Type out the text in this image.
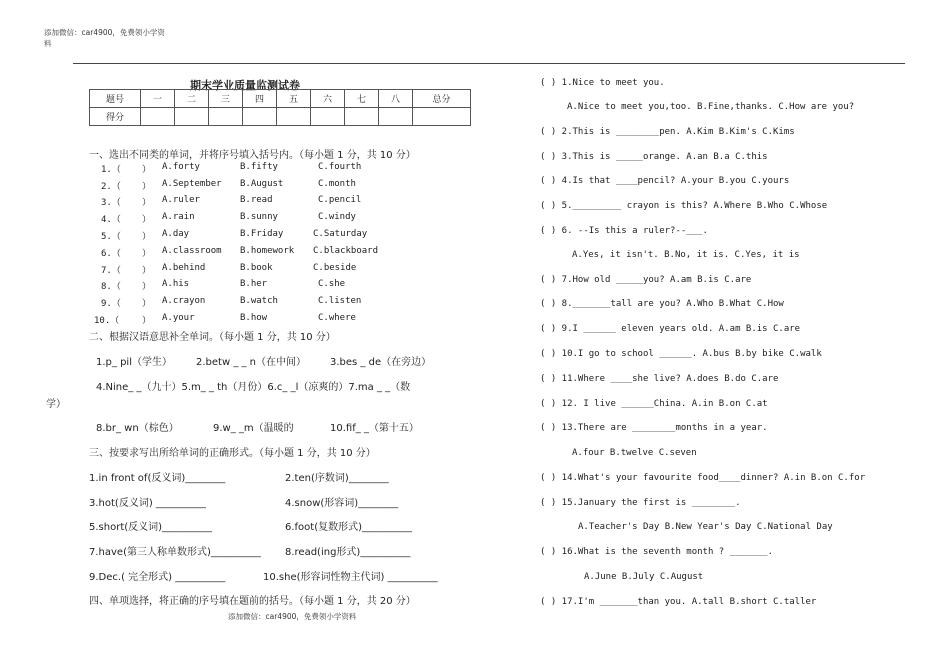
添加微信：car4900，免费领小学资
料
期末学业质量监测试卷
题号	一	二	三	四	五	六	七	八	总分
得分									
一、选出不同类的单词，并将序号填入括号内。（每小题 1 分，共 10 分）
1.（ ） A.forty	B.fifty	C.fourth
2.（ ） A.September B.August	C.month
3.（ ） A.ruler	B.read	C.pencil
4.（ ） A.rain	B.sunny	C.windy
5.（ ） A.day	B.Friday	C.Saturday
6.（ ） A.classroom B.homework C.blackboard
7.（ ） A.behind	B.book	C.beside
8.（ ） A.his	B.her	C.she
9.（ ） A.crayon	B.watch	C.listen
10.（	） A.your	B.how	C.where
二、根据汉语意思补全单词。（每小题 1 分，共 10 分）
1.p_ pil（学生） 2.betw _ _ n（在中间） 3.bes _ de（在旁边）
4.Nine_ _（九十）5.m_ _ th（月份）6.c_ _l（凉爽的）7.ma _ _（数
学）
8.br_ wn（棕色）	9.w_ _m（温暖的	10.fif_ _（第十五）
三、按要求写出所给单词的正确形式。（每小题 1 分，共 10 分）
1.in front of(反义词)________	2.ten(序数词)________
3.hot(反义词) __________	4.snow(形容词)________
5.short(反义词)__________	6.foot(复数形式)__________
7.have(第三人称单数形式)__________ 8.read(ing形式)__________
9.Dec.( 完全形式) __________	10.she(形容词性物主代词) __________
四、单项选择，将正确的序号填在题前的括号。（每小题 1 分，共 20 分）
添加微信：car4900，免费领小学资料
( ) 1.Nice to meet you.
A.Nice to meet you,too. B.Fine,thanks. C.How are you?
( ) 2.This is ________pen. A.Kim B.Kim's C.Kims
( ) 3.This is _____orange. A.an B.a C.this
( ) 4.Is that ____pencil? A.your B.you C.yours
( ) 5._________ crayon is this? A.Where B.Who C.Whose
( ) 6. --Is this a ruler?--___.
A.Yes, it isn't. B.No, it is. C.Yes, it is
( ) 7.How old _____you? A.am B.is C.are
( ) 8._______tall are you? A.Who B.What C.How
( ) 9.I ______ eleven years old. A.am B.is C.are
( ) 10.I go to school ______. A.bus B.by bike C.walk
( ) 11.Where ____she live? A.does B.do C.are
( ) 12. I live ______China. A.in B.on C.at
( ) 13.There are ________months in a year.
A.four B.twelve C.seven
( ) 14.What's your favourite food____dinner? A.in B.on C.for
( ) 15.January the first is ________.
A.Teacher's Day B.New Year's Day C.National Day
( ) 16.What is the seventh month ? _______.
A.June B.July C.August
( ) 17.I'm _______than you. A.tall B.short C.taller
